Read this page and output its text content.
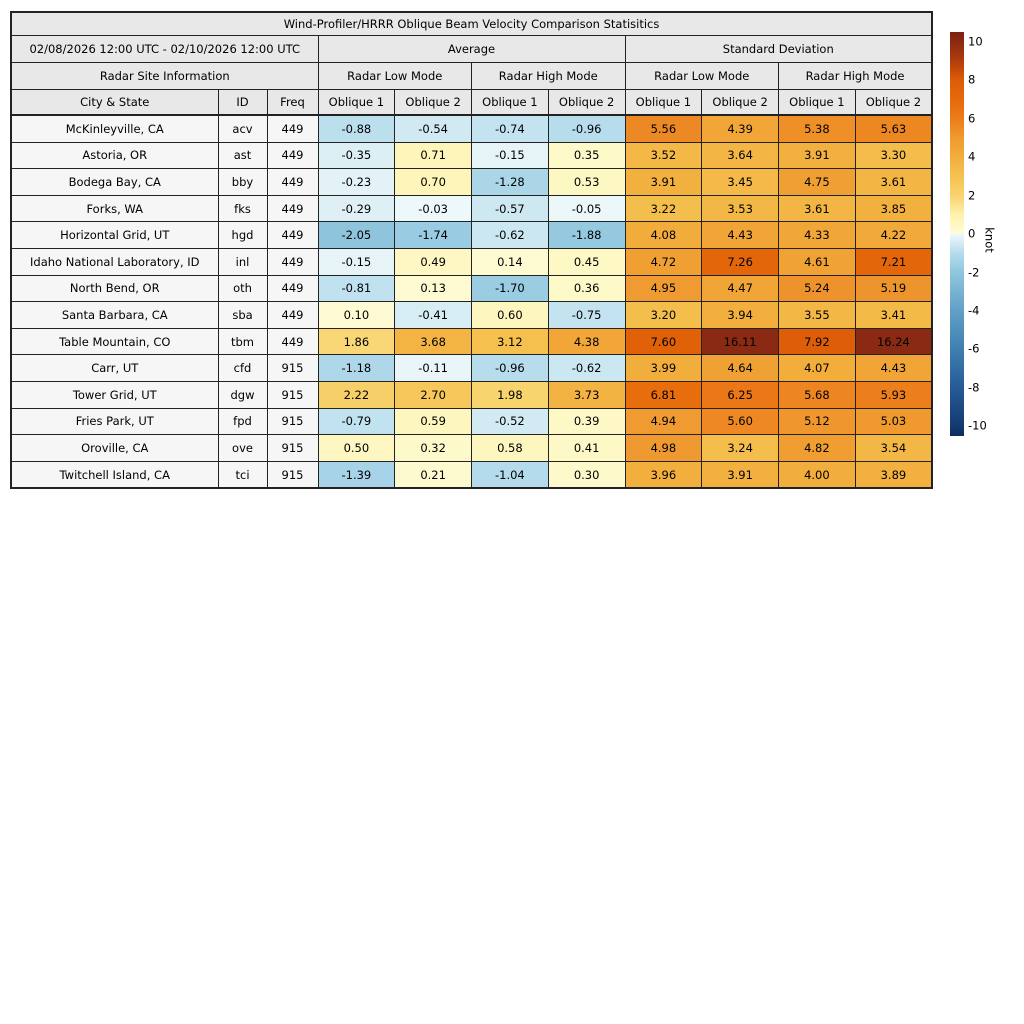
Wind-Profiler/HRRR Oblique Beam Velocity Comparison Statisitics										
02/08/2026 12:00 UTC - 02/10/2026 12:00 UTC			Average				Standard Deviation			
Radar Site Information			Radar Low Mode		Radar High Mode		Radar Low Mode		Radar High Mode	
City & State	ID	Freq	Oblique 1	Oblique 2	Oblique 1	Oblique 2	Oblique 1	Oblique 2	Oblique 1	Oblique 2
McKinleyville, CA	acv	449	-0.88	-0.54	-0.74	-0.96	5.56	4.39	5.38	5.63
Astoria, OR	ast	449	-0.35	0.71	-0.15	0.35	3.52	3.64	3.91	3.30
Bodega Bay, CA	bby	449	-0.23	0.70	-1.28	0.53	3.91	3.45	4.75	3.61
Forks, WA	fks	449	-0.29	-0.03	-0.57	-0.05	3.22	3.53	3.61	3.85
Horizontal Grid, UT	hgd	449	-2.05	-1.74	-0.62	-1.88	4.08	4.43	4.33	4.22
Idaho National Laboratory, ID	inl	449	-0.15	0.49	0.14	0.45	4.72	7.26	4.61	7.21
North Bend, OR	oth	449	-0.81	0.13	-1.70	0.36	4.95	4.47	5.24	5.19
Santa Barbara, CA	sba	449	0.10	-0.41	0.60	-0.75	3.20	3.94	3.55	3.41
Table Mountain, CO	tbm	449	1.86	3.68	3.12	4.38	7.60	16.11	7.92	16.24
Carr, UT	cfd	915	-1.18	-0.11	-0.96	-0.62	3.99	4.64	4.07	4.43
Tower Grid, UT	dgw	915	2.22	2.70	1.98	3.73	6.81	6.25	5.68	5.93
Fries Park, UT	fpd	915	-0.79	0.59	-0.52	0.39	4.94	5.60	5.12	5.03
Oroville, CA	ove	915	0.50	0.32	0.58	0.41	4.98	3.24	4.82	3.54
Twitchell Island, CA	tci	915	-1.39	0.21	-1.04	0.30	3.96	3.91	4.00	3.89
10
8
6
4
2
0
-2
-4
-6
-8
-10
knot
